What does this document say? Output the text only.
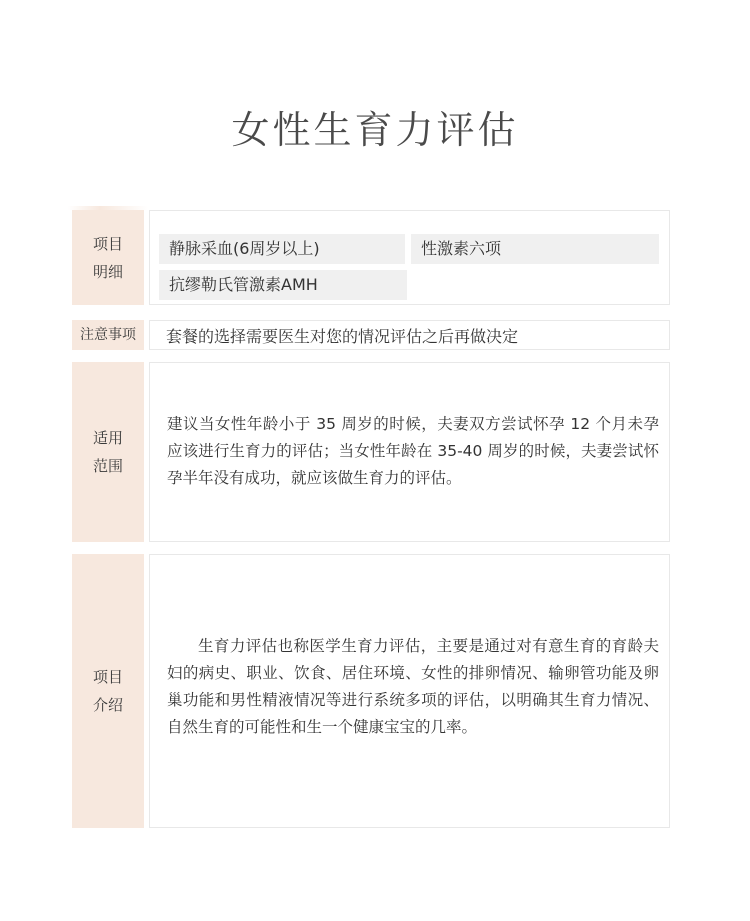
女性生育力评估
项目
明细
静脉采血(6周岁以上)	性激素六项
抗缪勒氏管激素AMH
注意事项 套餐的选择需要医生对您的情况评估之后再做决定
适用
范围
建议当女性年龄小于 35 周岁的时候，夫妻双方尝试怀孕 12 个月未孕应该进行生育力的评估；当女性年龄在 35-40 周岁的时候，夫妻尝试怀孕半年没有成功，就应该做生育力的评估。
项目
介绍
生育力评估也称医学生育力评估，主要是通过对有意生育的育龄夫妇的病史、职业、饮食、居住环境、女性的排卵情况、输卵管功能及卵巢功能和男性精液情况等进行系统多项的评估，以明确其生育力情况、自然生育的可能性和生一个健康宝宝的几率。
